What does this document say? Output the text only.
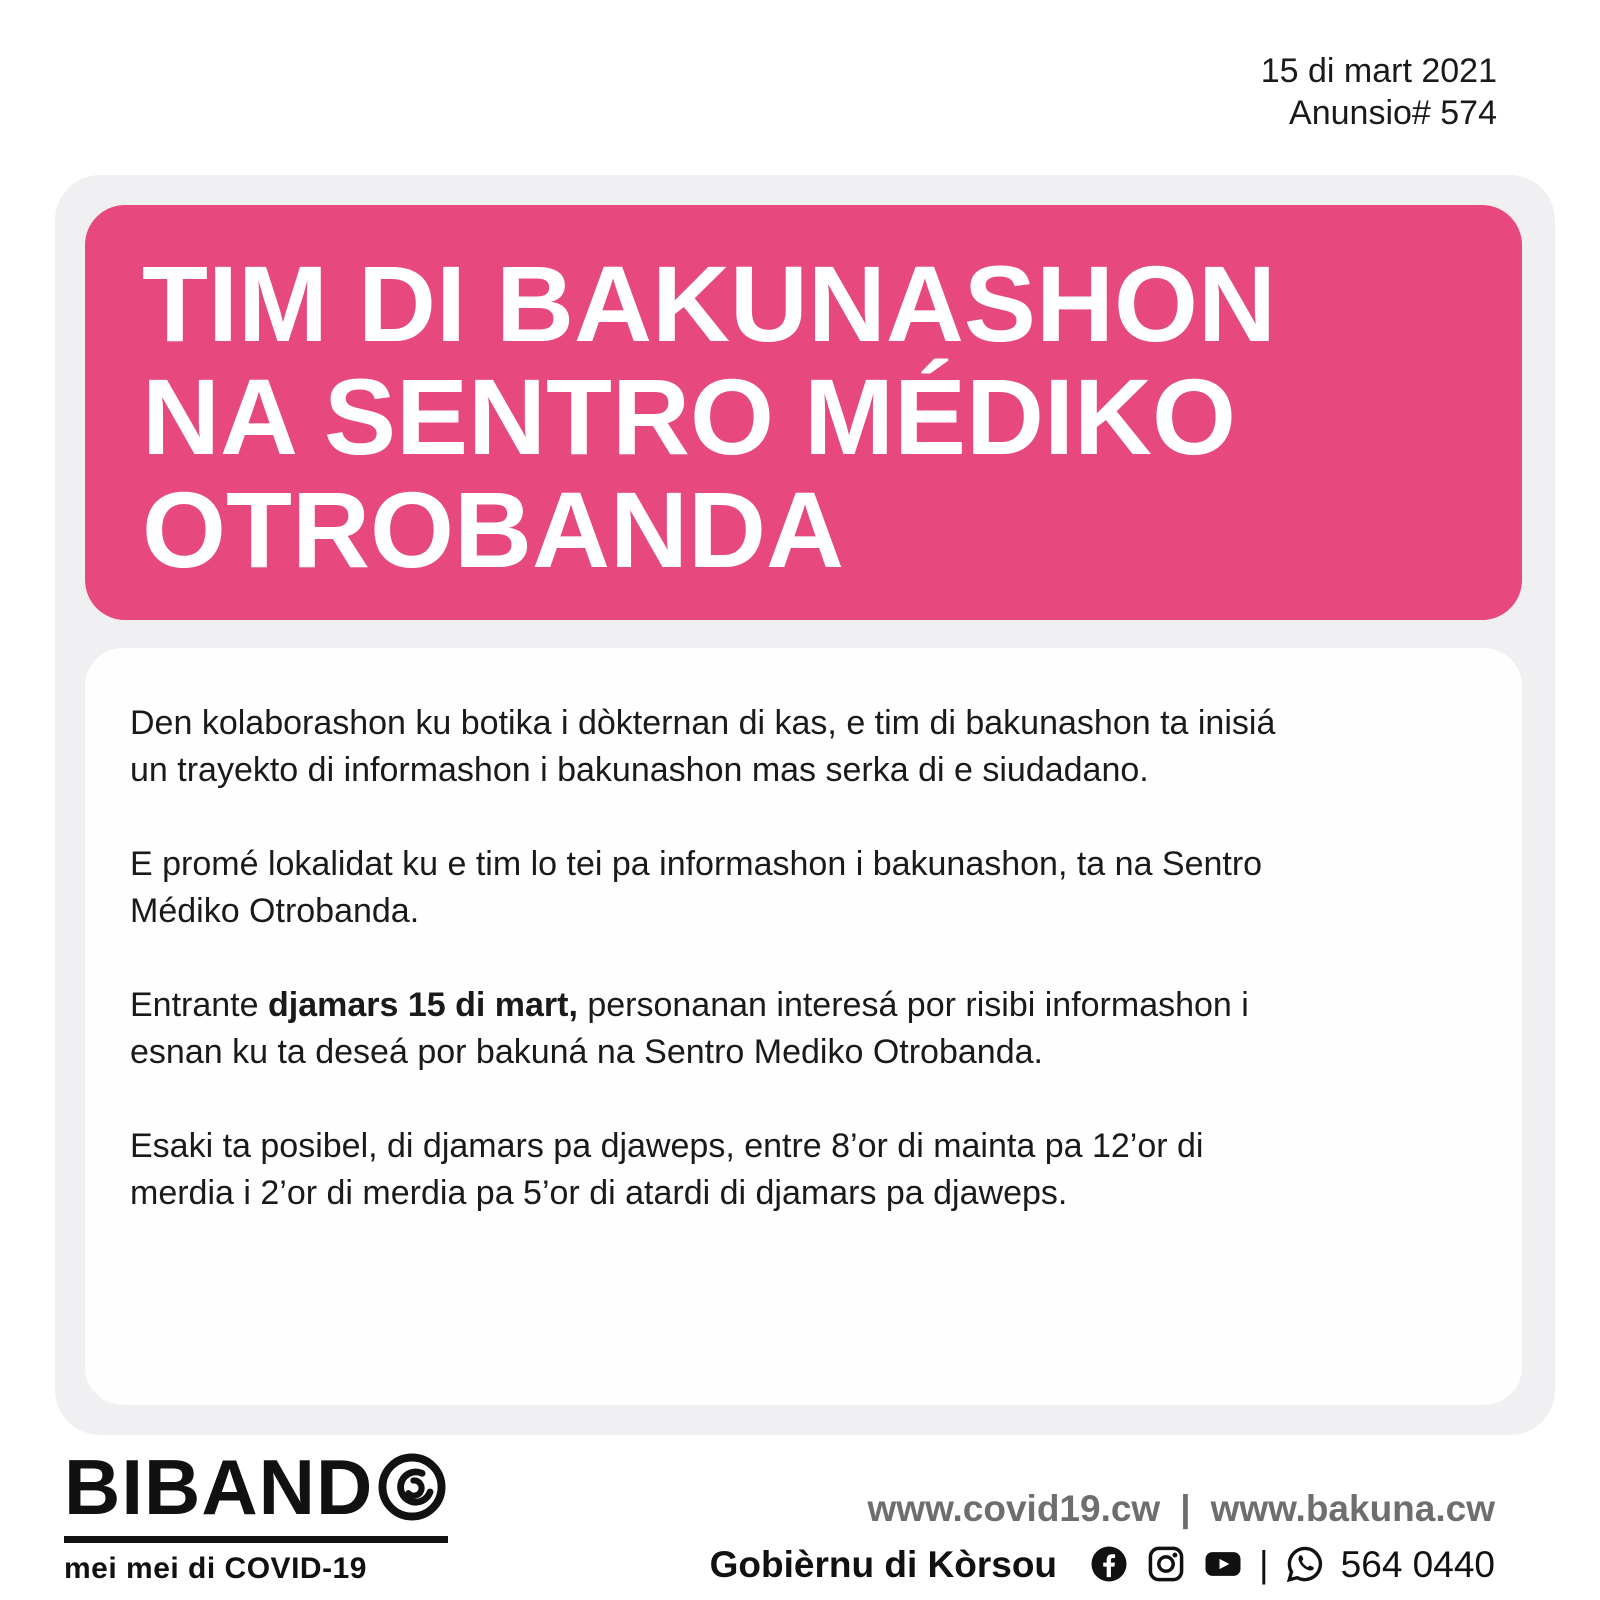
15 di mart 2021
Anunsio# 574
TIM DI BAKUNASHON
NA SENTRO MÉDIKO
OTROBANDA

Den kolaborashon ku botika i dòkternan di kas, e tim di bakunashon ta inisiá
un trayekto di informashon i bakunashon mas serka di e siudadano.

E promé lokalidat ku e tim lo tei pa informashon i bakunashon, ta na Sentro
Médiko Otrobanda.

Entrante djamars 15 di mart, personanan interesá por risibi informashon i
esnan ku ta deseá por bakuná na Sentro Mediko Otrobanda.

Esaki ta posibel, di djamars pa djaweps, entre 8’or di mainta pa 12’or di
merdia i 2’or di merdia pa 5’or di atardi di djamars pa djaweps.

BIBAND
mei mei di COVID-19
www.covid19.cw | www.bakuna.cw
Gobièrnu di Kòrsou	| 564 0440
